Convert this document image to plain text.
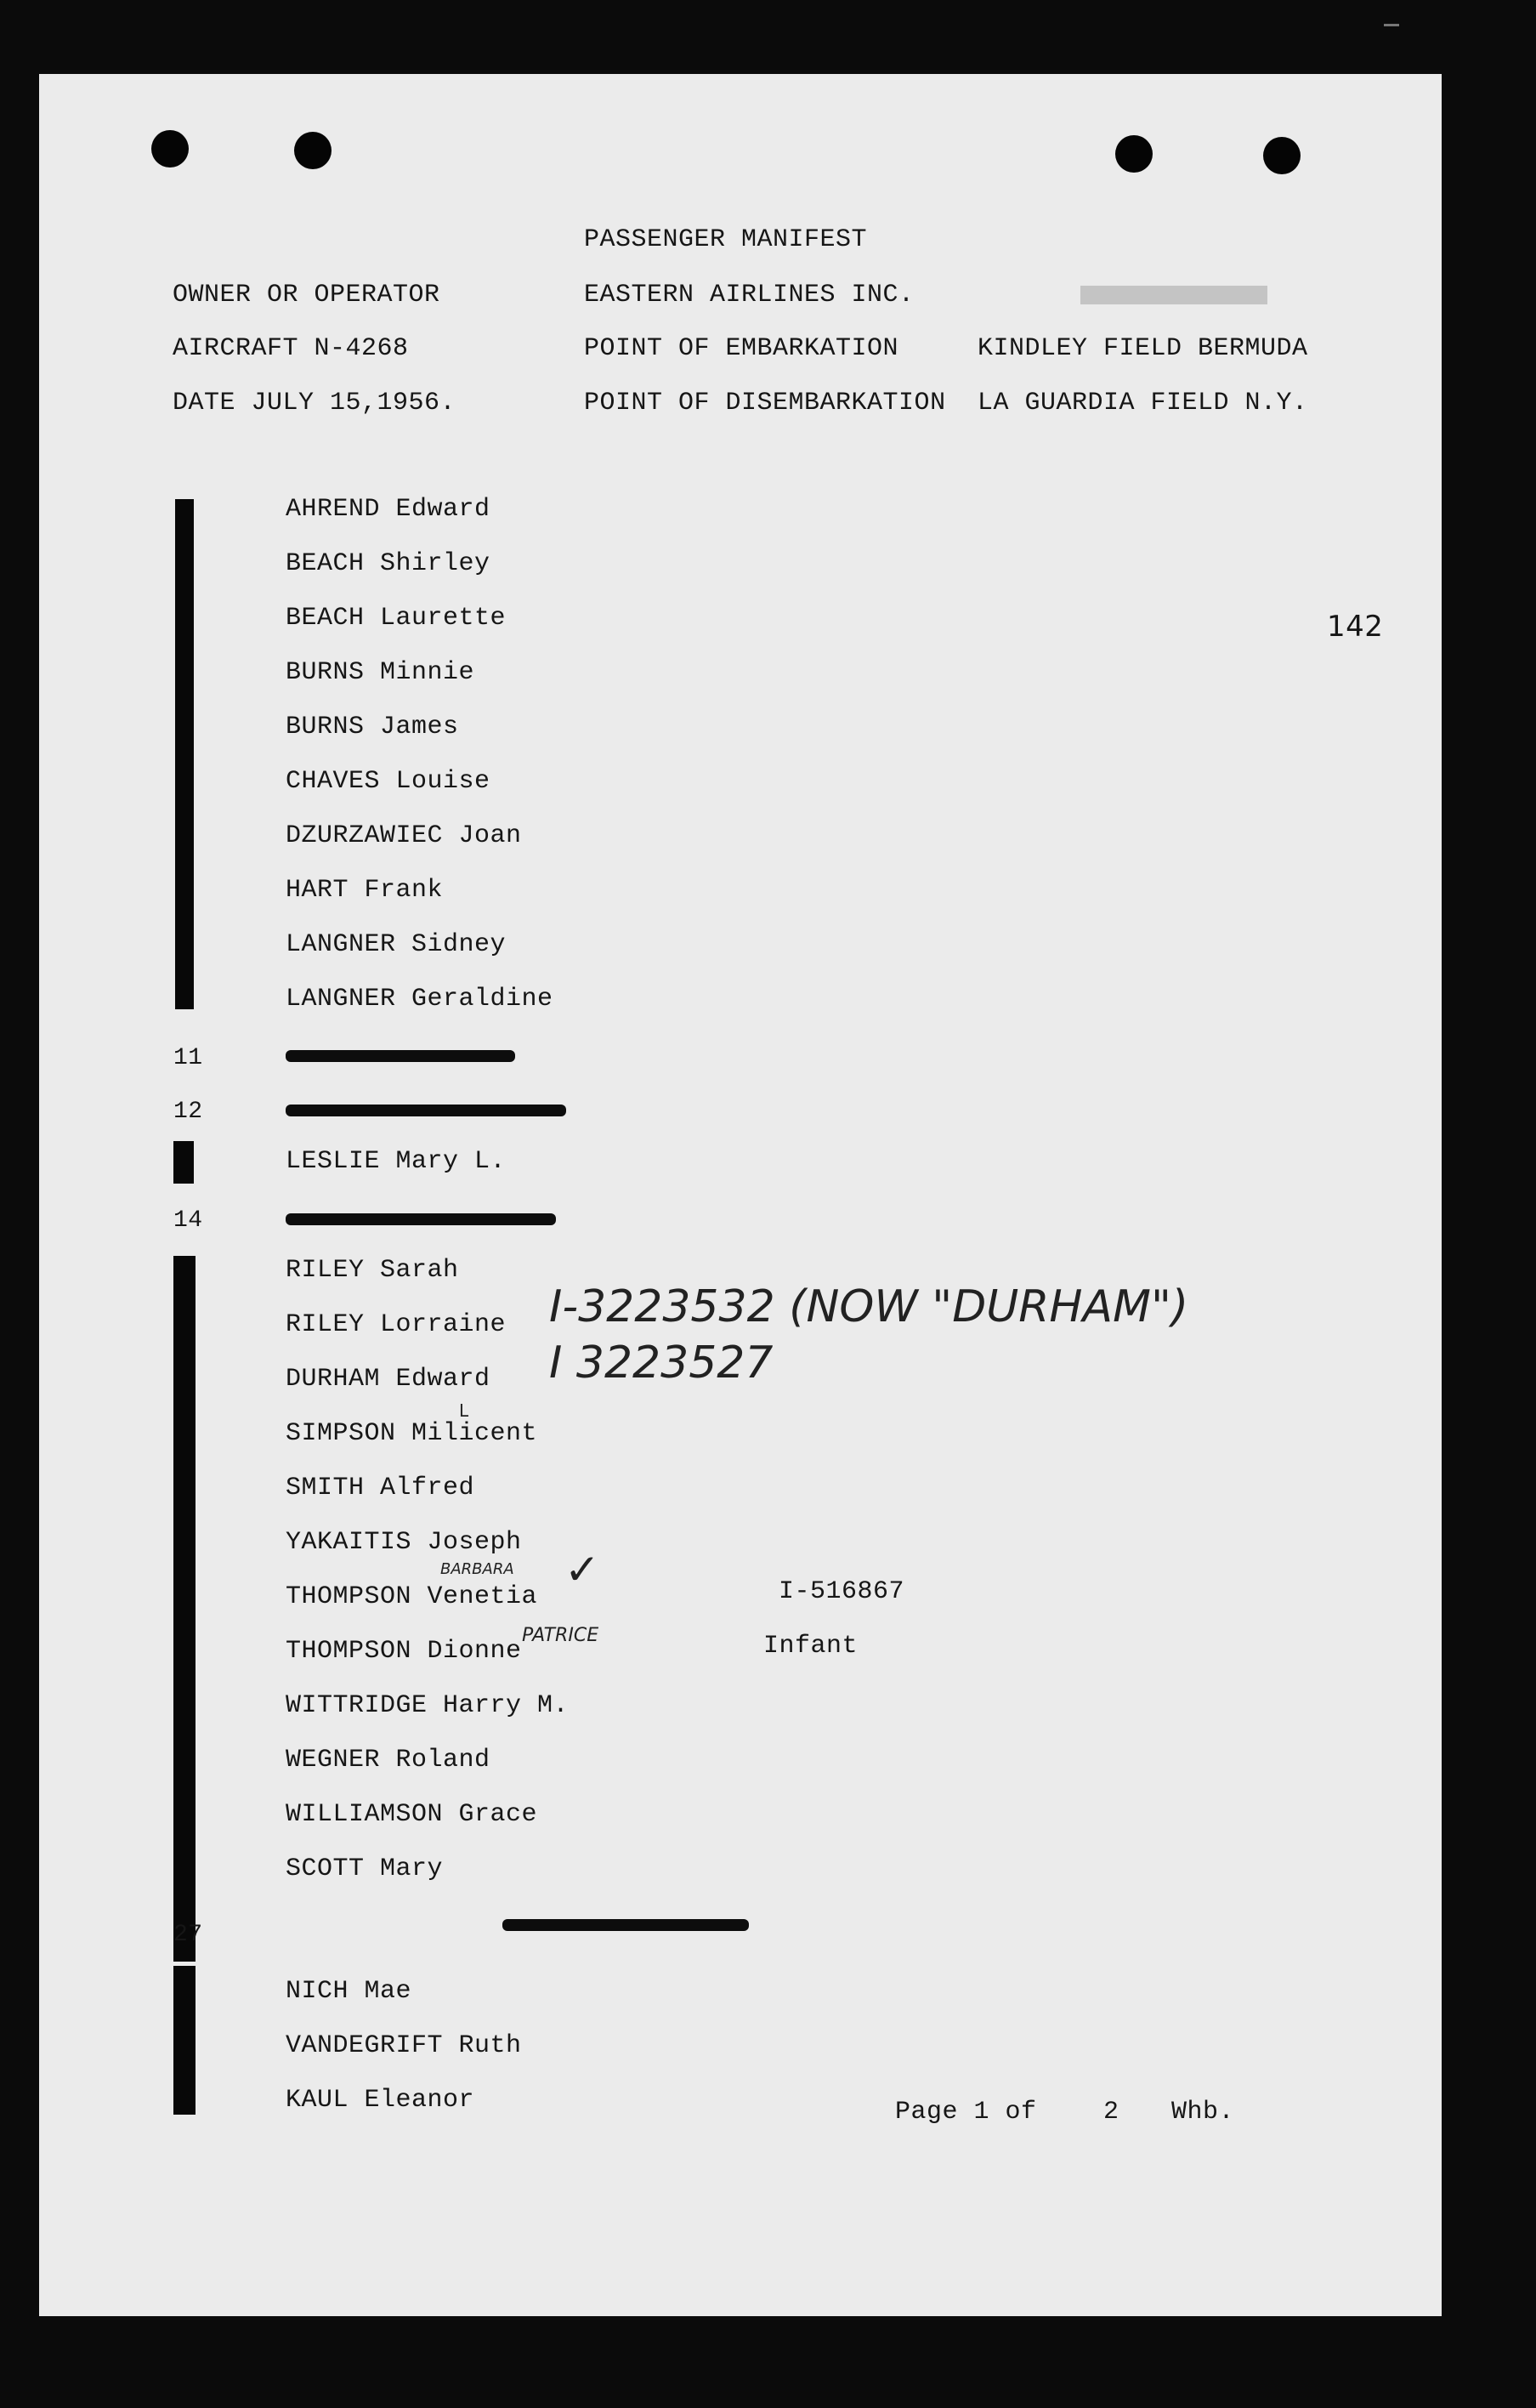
PASSENGER MANIFEST
OWNER OR OPERATOR	EASTERN AIRLINES INC.
AIRCRAFT N-4268	POINT OF EMBARKATION	KINDLEY FIELD BERMUDA
DATE JULY 15,1956.	POINT OF DISEMBARKATION LA GUARDIA FIELD N.Y.
142
11
12
14
27
AHREND Edward
BEACH Shirley
BEACH Laurette
BURNS Minnie
BURNS James
CHAVES Louise
DZURZAWIEC Joan
HART Frank
LANGNER Sidney
LANGNER Geraldine
LESLIE Mary L.
RILEY Sarah
RILEY Lorraine
DURHAM Edward
SIMPSON Milicent
SMITH Alfred
YAKAITIS Joseph
THOMPSON Venetia
THOMPSON Dionne
WITTRIDGE Harry M.
WEGNER Roland
WILLIAMSON Grace
SCOTT Mary
NICH Mae
VANDEGRIFT Ruth
KAUL Eleanor
I-516867
Infant
BARBARA ✓
PATRICE
L
I-3223532 (NOW "DURHAM")
I 3223527
Page 1 of	2 Whb.
